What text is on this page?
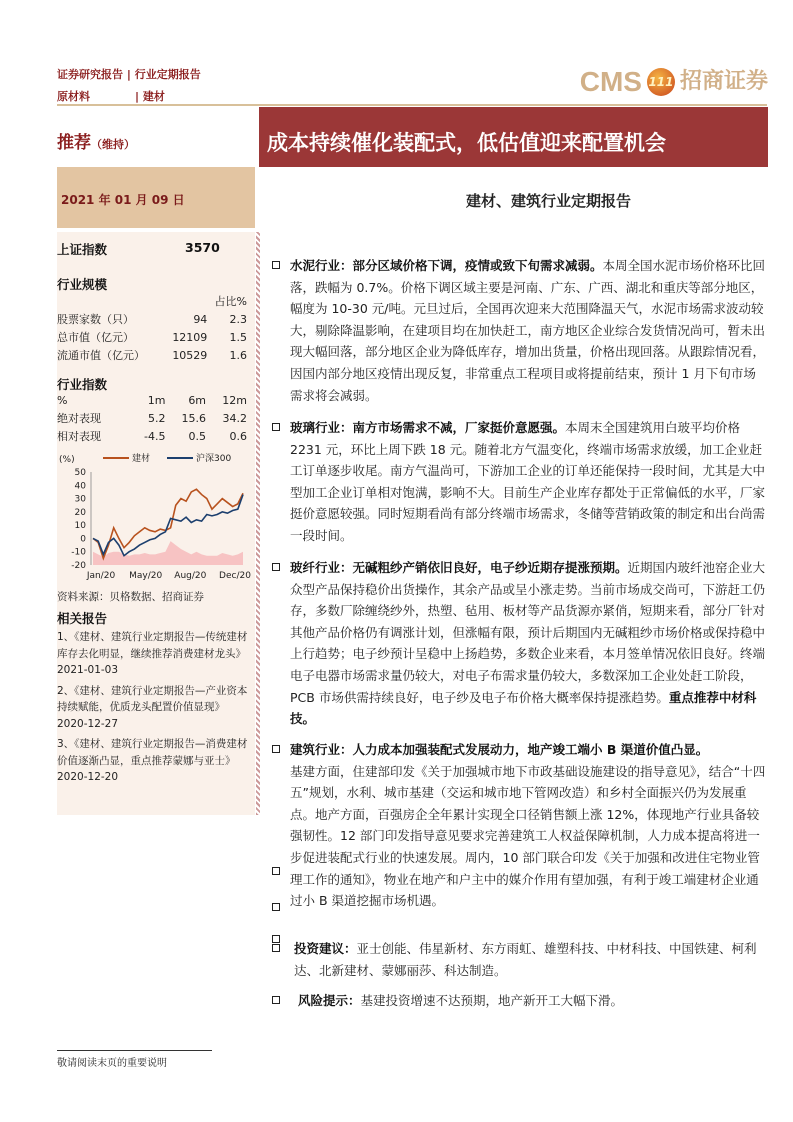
证券研究报告 | 行业定期报告
原材料	| 建材	CMS 111 招商证券
推荐（维持）	成本持续催化装配式，低估值迎来配置机会
2021 年 01 月 09 日	建材、建筑行业定期报告
上证指数	3570
行业规模
		占比%
股票家数（只）	94	2.3
总市值（亿元）	12109	1.5
流通市值（亿元）	10529	1.6
行业指数
%	1m	6m	12m
绝对表现	5.2	15.6	34.2
相对表现	-4.5	0.5	0.6
(%)
50
40
30
20
10
0
-10
-20
建材	沪深300
Jan/20 May/20 Aug/20 Dec/20
资料来源：贝格数据、招商证券
相关报告
1、《建材、建筑行业定期报告—传统建材库存去化明显，继续推荐消费建材龙头》 2021-01-03
2、《建材、建筑行业定期报告—产业资本持续赋能，优质龙头配置价值显现》 2020-12-27
3、《建材、建筑行业定期报告—消费建材价值逐渐凸显，重点推荐蒙娜与亚士》 2020-12-20
水泥行业：部分区域价格下调，疫情或致下旬需求减弱。本周全国水泥市场价格环比回落，跌幅为 0.7%。价格下调区域主要是河南、广东、广西、湖北和重庆等部分地区，幅度为 10-30 元/吨。元旦过后，全国再次迎来大范围降温天气，水泥市场需求波动较大，剔除降温影响，在建项目均在加快赶工，南方地区企业综合发货情况尚可，暂未出现大幅回落，部分地区企业为降低库存，增加出货量，价格出现回落。从跟踪情况看，因国内部分地区疫情出现反复，非常重点工程项目或将提前结束，预计 1 月下旬市场需求将会减弱。
玻璃行业：南方市场需求不减，厂家挺价意愿强。本周末全国建筑用白玻平均价格 2231 元，环比上周下跌 18 元。随着北方气温变化，终端市场需求放缓，加工企业赶工订单逐步收尾。南方气温尚可，下游加工企业的订单还能保持一段时间，尤其是大中型加工企业订单相对饱满，影响不大。目前生产企业库存都处于正常偏低的水平，厂家挺价意愿较强。同时短期看尚有部分终端市场需求，冬储等营销政策的制定和出台尚需一段时间。
玻纤行业：无碱粗纱产销依旧良好，电子纱近期存提涨预期。近期国内玻纤池窑企业大众型产品保持稳价出货操作，其余产品或呈小涨走势。当前市场成交尚可，下游赶工仍存，多数厂除缠绕纱外，热塑、毡用、板材等产品货源亦紧俏，短期来看，部分厂针对其他产品价格仍有调涨计划，但涨幅有限，预计后期国内无碱粗纱市场价格或保持稳中上行趋势；电子纱预计呈稳中上扬趋势，多数企业来看，本月签单情况依旧良好。终端电子电器市场需求量仍较大，对电子布需求量仍较大，多数深加工企业处赶工阶段，PCB 市场供需持续良好，电子纱及电子布价格大概率保持提涨趋势。重点推荐中材科技。
建筑行业：人力成本加强装配式发展动力，地产竣工端小 B 渠道价值凸显。
基建方面，住建部印发《关于加强城市地下市政基础设施建设的指导意见》，结合“十四五”规划，水利、城市基建（交运和城市地下管网改造）和乡村全面振兴仍为发展重点。地产方面，百强房企全年累计实现全口径销售额上涨 12%，体现地产行业具备较强韧性。12 部门印发指导意见要求完善建筑工人权益保障机制，人力成本提高将进一步促进装配式行业的快速发展。周内，10 部门联合印发《关于加强和改进住宅物业管理工作的通知》，物业在地产和户主中的媒介作用有望加强，有利于竣工端建材企业通过小 B 渠道挖掘市场机遇。
投资建议：亚士创能、伟星新材、东方雨虹、雄塑科技、中材科技、中国铁建、柯利达、北新建材、蒙娜丽莎、科达制造。
风险提示：基建投资增速不达预期，地产新开工大幅下滑。
敬请阅读末页的重要说明
